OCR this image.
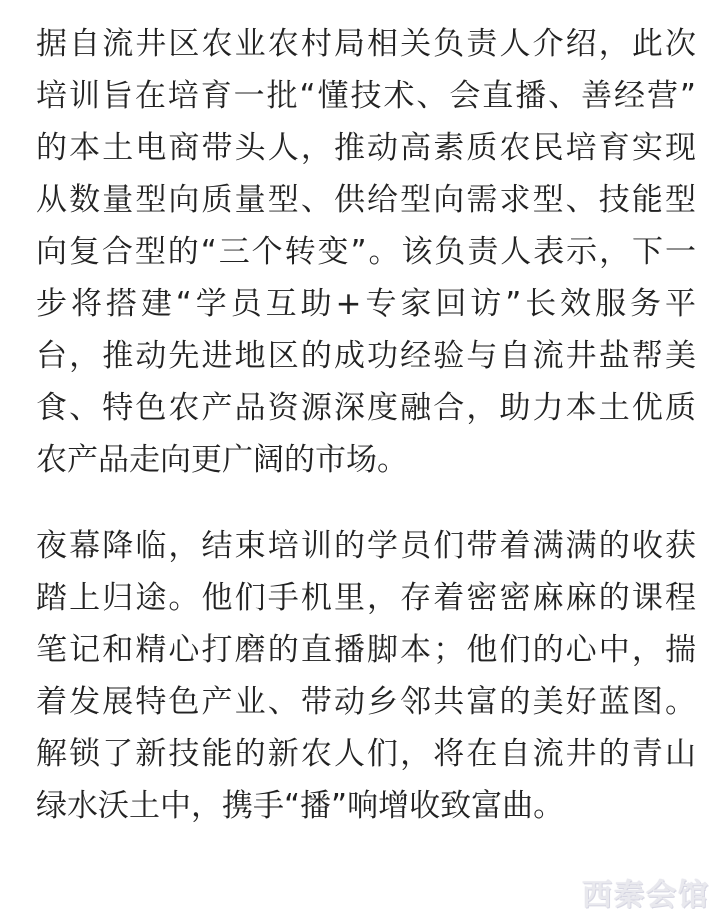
据自流井区农业农村局相关负责人介绍，此次
培训旨在培育一批“懂技术、会直播、善经营”
的本土电商带头人，推动高素质农民培育实现
从数量型向质量型、供给型向需求型、技能型
向复合型的“三个转变”。该负责人表示，下一
步将搭建“学员互助+专家回访”长效服务平
台，推动先进地区的成功经验与自流井盐帮美
食、特色农产品资源深度融合，助力本土优质
农产品走向更广阔的市场。
夜幕降临，结束培训的学员们带着满满的收获
踏上归途。他们手机里，存着密密麻麻的课程
笔记和精心打磨的直播脚本；他们的心中，揣
着发展特色产业、带动乡邻共富的美好蓝图。
解锁了新技能的新农人们，将在自流井的青山
绿水沃土中，携手“播”响增收致富曲。
西秦会馆
